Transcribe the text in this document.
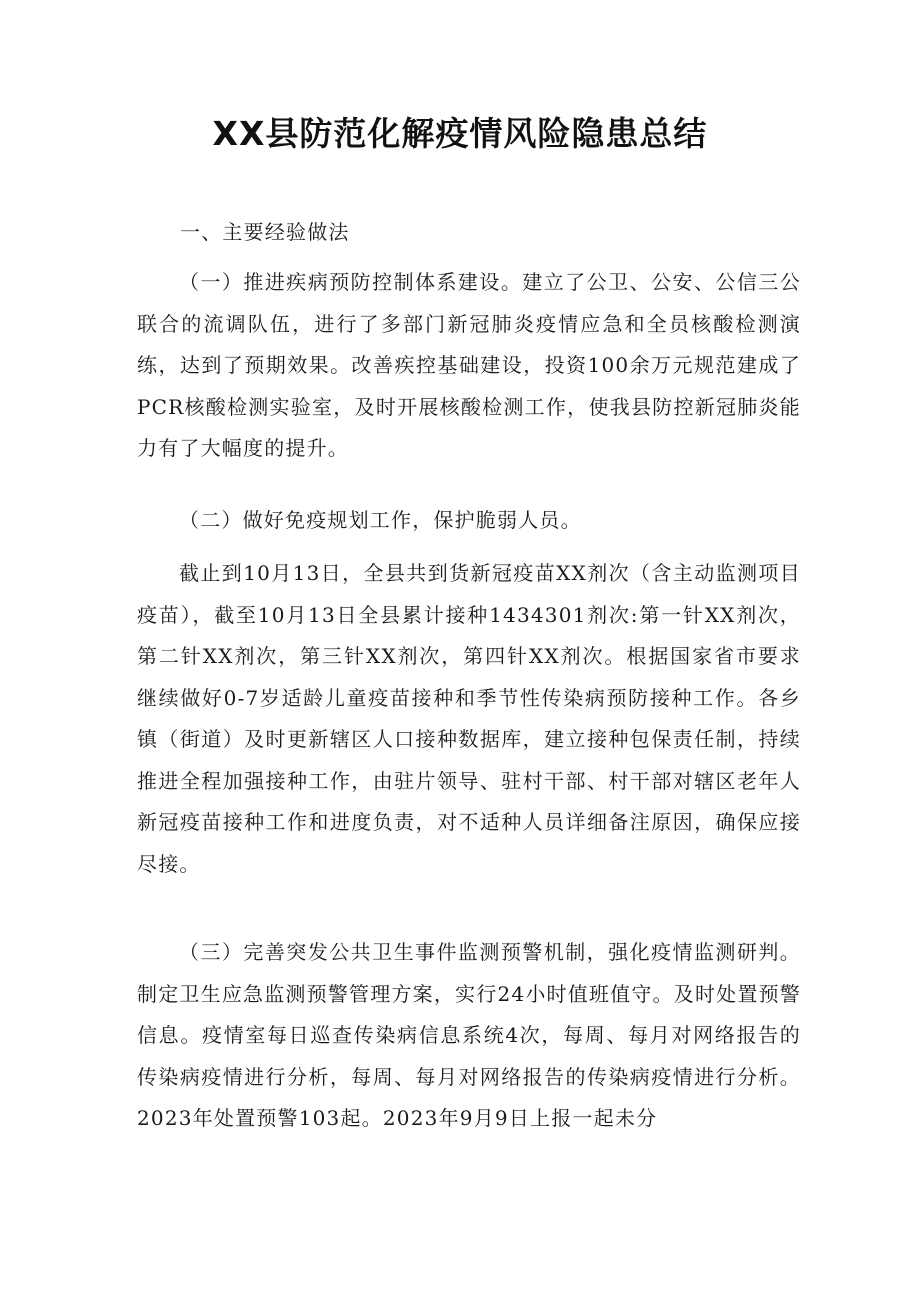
XX县防范化解疫情风险隐患总结
一、主要经验做法

（一）推进疾病预防控制体系建设。建立了公卫、公安、公信三公联合的流调队伍，进行了多部门新冠肺炎疫情应急和全员核酸检测演练，达到了预期效果。改善疾控基础建设，投资100余万元规范建成了PCR核酸检测实验室，及时开展核酸检测工作，使我县防控新冠肺炎能力有了大幅度的提升。

（二）做好免疫规划工作，保护脆弱人员。

截止到10月13日，全县共到货新冠疫苗XX剂次（含主动监测项目疫苗），截至10月13日全县累计接种1434301剂次:第一针XX剂次，第二针XX剂次，第三针XX剂次，第四针XX剂次。根据国家省市要求继续做好0-7岁适龄儿童疫苗接种和季节性传染病预防接种工作。各乡镇（街道）及时更新辖区人口接种数据库，建立接种包保责任制，持续推进全程加强接种工作，由驻片领导、驻村干部、村干部对辖区老年人新冠疫苗接种工作和进度负责，对不适种人员详细备注原因，确保应接尽接。

（三）完善突发公共卫生事件监测预警机制，强化疫情监测研判。制定卫生应急监测预警管理方案，实行24小时值班值守。及时处置预警信息。疫情室每日巡查传染病信息系统4次，每周、每月对网络报告的传染病疫情进行分析，每周、每月对网络报告的传染病疫情进行分析。2023年处置预警103起。2023年9月9日上报一起未分
